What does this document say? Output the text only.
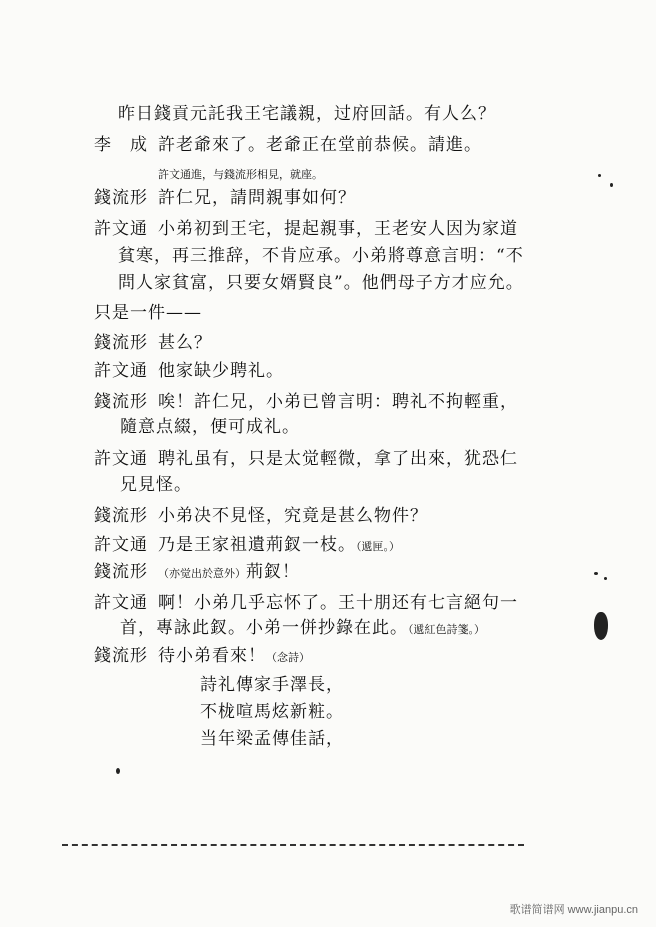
昨日錢貢元託我王宅議親，过府回話。有人么？
李　成 許老爺來了。老爺正在堂前恭候。請進。
許文通進，与錢流形相見，就座。
錢流形 許仁兄，請問親事如何？
許文通 小弟初到王宅，提起親事，王老安人因为家道
貧寒，再三推辞，不肯应承。小弟將尊意言明：“不
問人家貧富，只要女婿賢良”。他們母子方才应允。
只是一件——
錢流形 甚么？
許文通 他家缺少聘礼。
錢流形 唉！許仁兄，小弟已曾言明：聘礼不拘輕重，
隨意点綴，便可成礼。
許文通 聘礼虽有，只是太觉輕微，拿了出來，犹恐仁
兄見怪。
錢流形 小弟决不見怪，究竟是甚么物件？
許文通 乃是王家祖遺荊釵一枝。（遞匣。）
錢流形 （亦觉出於意外）荊釵！
許文通 啊！小弟几乎忘怀了。王十朋还有七言絕句一
首，專詠此釵。小弟一併抄錄在此。（遞紅色詩箋。）
錢流形 待小弟看來！（念詩）
詩礼傳家手澤長，
不栊喧馬炫新粧。
当年梁孟傳佳話，
歌谱简谱网 www.jianpu.cn
